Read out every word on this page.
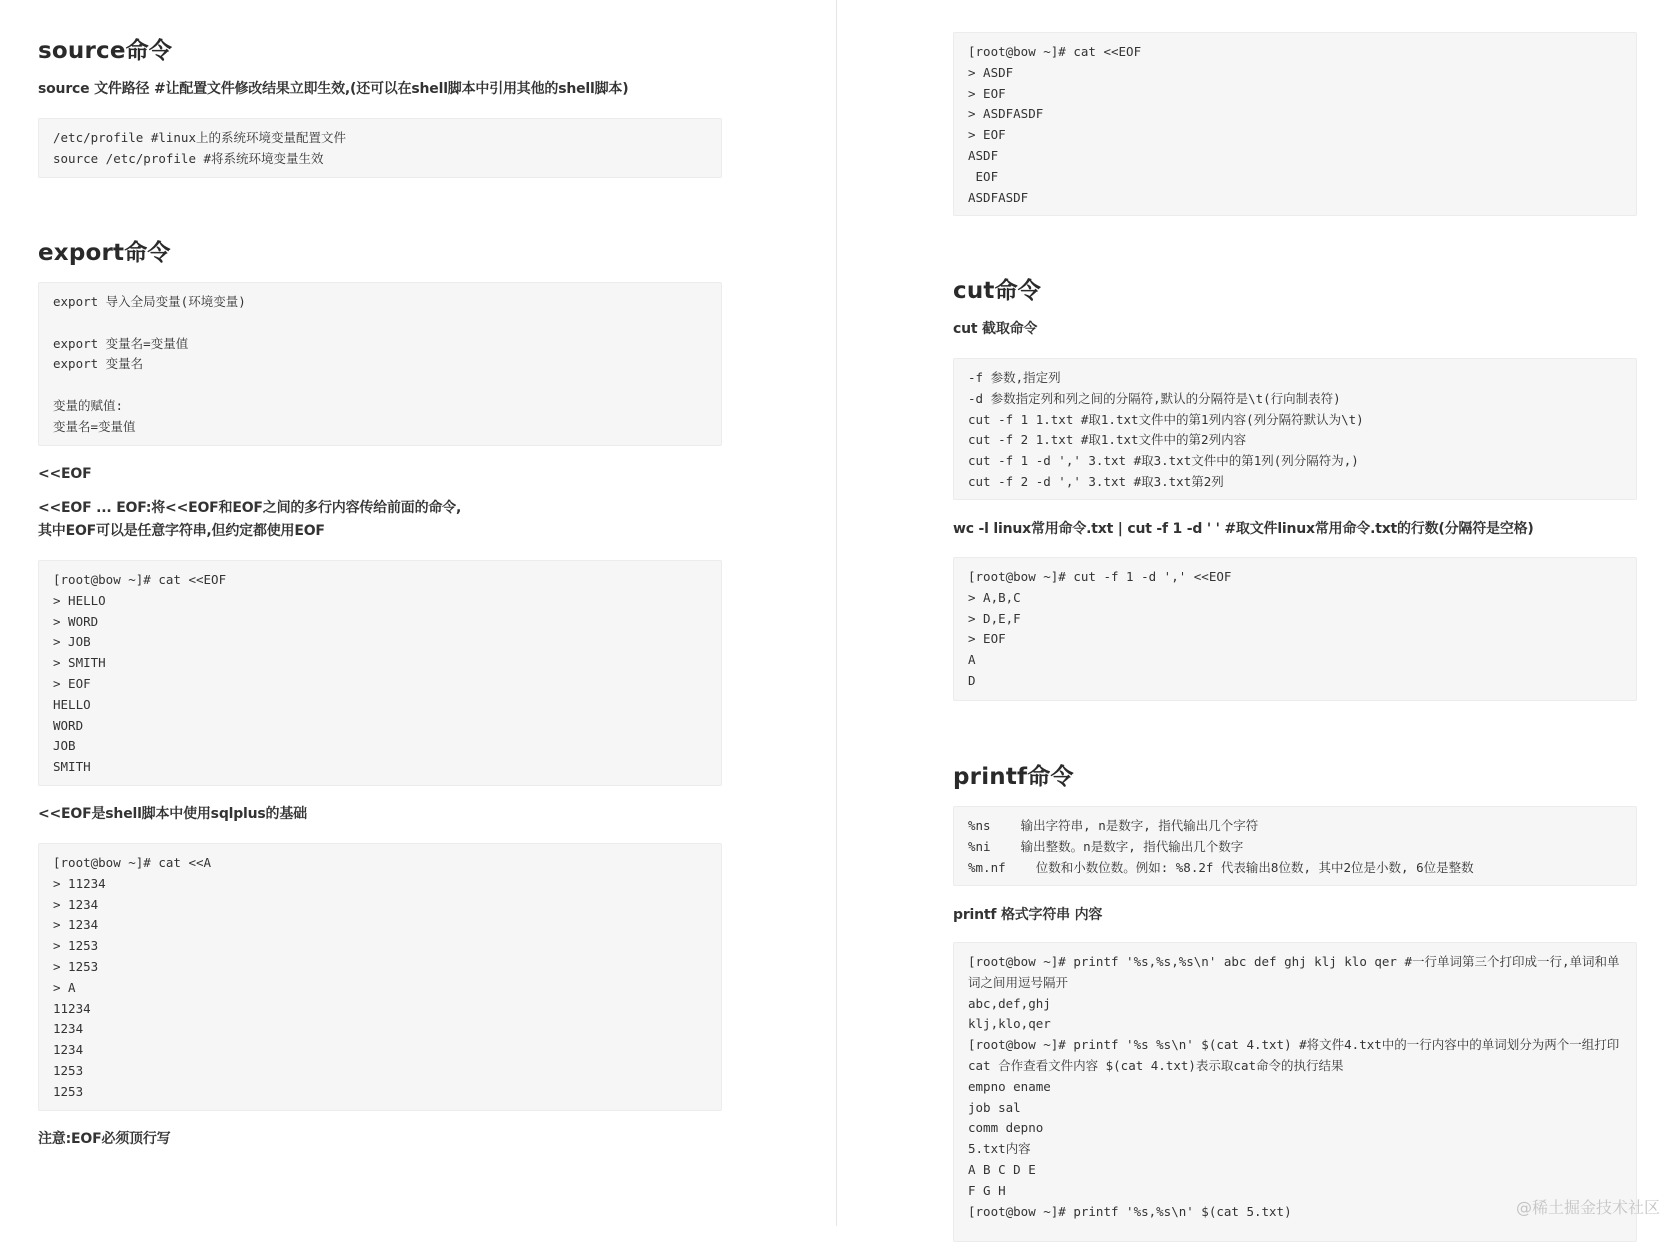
source命令

source 文件路径 #让配置文件修改结果立即生效,(还可以在shell脚本中引用其他的shell脚本)

/etc/profile #linux上的系统环境变量配置文件
source /etc/profile #将系统环境变量生效
export命令
export 导入全局变量(环境变量)

export 变量名=变量值
export 变量名

变量的赋值:
变量名=变量值

<<EOF

<<EOF ... EOF:将<<EOF和EOF之间的多行内容传给前面的命令,

其中EOF可以是任意字符串,但约定都使用EOF

[root@bow ~]# cat <<EOF
> HELLO
> WORD
> JOB
> SMITH
> EOF
HELLO
WORD
JOB
SMITH

<<EOF是shell脚本中使用sqlplus的基础

[root@bow ~]# cat <<A
> 11234
> 1234
> 1234
> 1253
> 1253
> A
11234
1234
1234
1253
1253

注意:EOF必须顶行写

[root@bow ~]# cat <<EOF
> ASDF
> EOF
> ASDFASDF
> EOF
ASDF
EOF
ASDFASDF
cut命令

cut 截取命令

-f 参数,指定列
-d 参数指定列和列之间的分隔符,默认的分隔符是\t(行向制表符)
cut -f 1 1.txt #取1.txt文件中的第1列内容(列分隔符默认为\t)
cut -f 2 1.txt #取1.txt文件中的第2列内容
cut -f 1 -d ',' 3.txt #取3.txt文件中的第1列(列分隔符为,)
cut -f 2 -d ',' 3.txt #取3.txt第2列

wc -l linux常用命令.txt | cut -f 1 -d ' ' #取文件linux常用命令.txt的行数(分隔符是空格)

[root@bow ~]# cut -f 1 -d ',' <<EOF
> A,B,C
> D,E,F
> EOF
A
D
printf命令
%ns    输出字符串, n是数字, 指代输出几个字符
%ni    输出整数。n是数字, 指代输出几个数字
%m.nf    位数和小数位数。例如: %8.2f 代表输出8位数, 其中2位是小数, 6位是整数

printf 格式字符串 内容

[root@bow ~]# printf '%s,%s,%s\n' abc def ghj klj klo qer #一行单词第三个打印成一行,单词和单词之间用逗号隔开
abc,def,ghj
klj,klo,qer
[root@bow ~]# printf '%s %s\n' $(cat 4.txt) #将文件4.txt中的一行内容中的单词划分为两个一组打印 cat 合作查看文件内容 $(cat 4.txt)表示取cat命令的执行结果
empno ename
job sal
comm depno
5.txt内容
A B C D E
F G H
[root@bow ~]# printf '%s,%s\n' $(cat 5.txt)	@稀土掘金技术社区
